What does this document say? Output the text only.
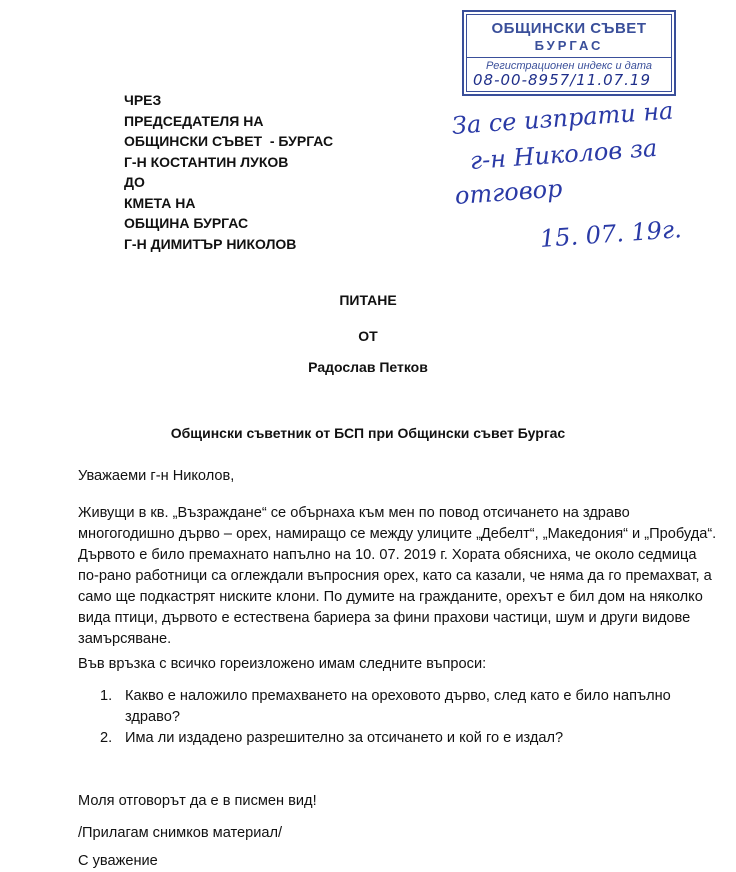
ОБЩИНСКИ СЪВЕТ
БУРГАС
Регистрационен индекс и дата
08-00-8957/11.07.19
ЧРЕЗ
ПРЕДСЕДАТЕЛЯ НА
ОБЩИНСКИ СЪВЕТ  - БУРГАС
Г-Н КОСТАНТИН ЛУКОВ
ДО
КМЕТА НА
ОБЩИНА БУРГАС
Г-Н ДИМИТЪР НИКОЛОВ
За се изпрати на
г-н Николов за
отговор
15. 07. 19г.
ПИТАНЕ
ОТ
Радослав Петков
Общински съветник от БСП при Общински съвет Бургас
Уважаеми г-н Николов,
Живущи в кв. „Възраждане“ се обърнаха към мен по повод отсичането на здраво многогодишно дърво – орех, намиращо се между улиците „Дебелт“, „Македония“ и „Пробуда“. Дървото е било премахнато напълно на 10. 07. 2019 г. Хората обясниха, че около седмица по-рано работници са оглеждали въпросния орех, като са казали, че няма да го премахват, а само ще подкастрят ниските клони. По думите на гражданите, орехът е бил дом на няколко вида птици, дървото е естествена бариера за фини прахови частици, шум и други видове замърсяване.
Във връзка с всичко гореизложено имам следните въпроси:
1. Какво е наложило премахването на ореховото дърво, след като е било напълно здраво?
2. Има ли издадено разрешително за отсичането и кой го е издал?
Моля отговорът да е в писмен вид!
/Прилагам снимков материал/
С уважение
